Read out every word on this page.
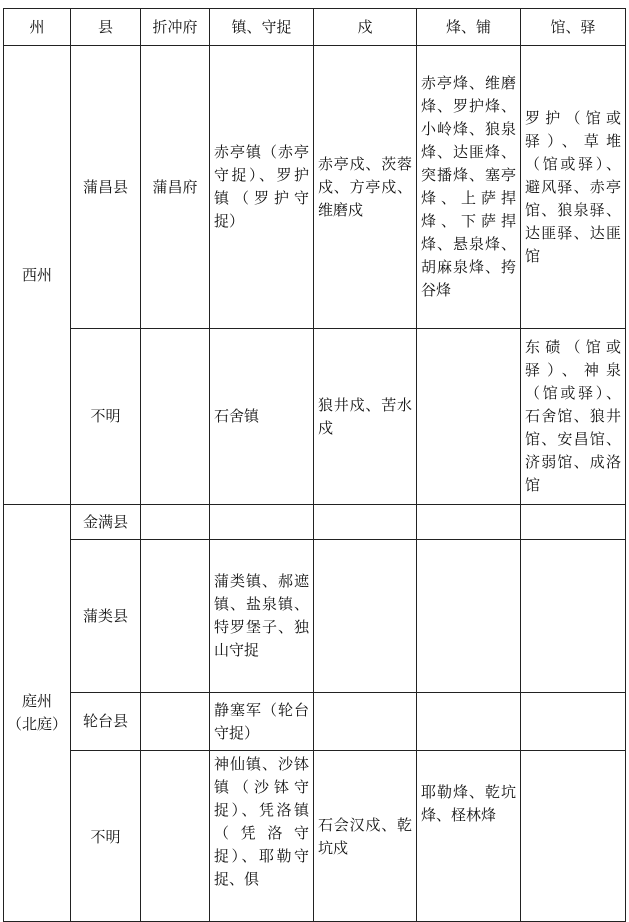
州	县	折冲府	镇、守捉	戍	烽、铺	馆、驿
西州	蒲昌县	蒲昌府	赤亭镇（赤亭守捉）、罗护镇（罗护守捉）	赤亭戍、茨蓉戍、方亭戍、维磨戍	赤亭烽、维磨烽、罗护烽、小岭烽、狼泉烽、达匪烽、突播烽、塞亭烽、上萨捍烽、下萨捍烽、悬泉烽、胡麻泉烽、挎谷烽	罗护（馆或驿）、草堆（馆或驿）、避风驿、赤亭馆、狼泉驿、达匪驿、达匪馆
	不明		石舍镇	狼井戍、苦水戍		东碛（馆或驿）、神泉（馆或驿）、石舍馆、狼井馆、安昌馆、济弱馆、成洛馆

庭州
（北庭）	金满县					
	蒲类县		蒲类镇、郝遮镇、盐泉镇、特罗堡子、独山守捉			
	轮台县		静塞军（轮台守捉）			
	不明		神仙镇、沙钵镇（沙钵守捉）、凭洛镇（凭洛守捉）、耶勒守捉、俱	石会汉戍、乾坑戍	耶勒烽、乾坑烽、柽林烽	
